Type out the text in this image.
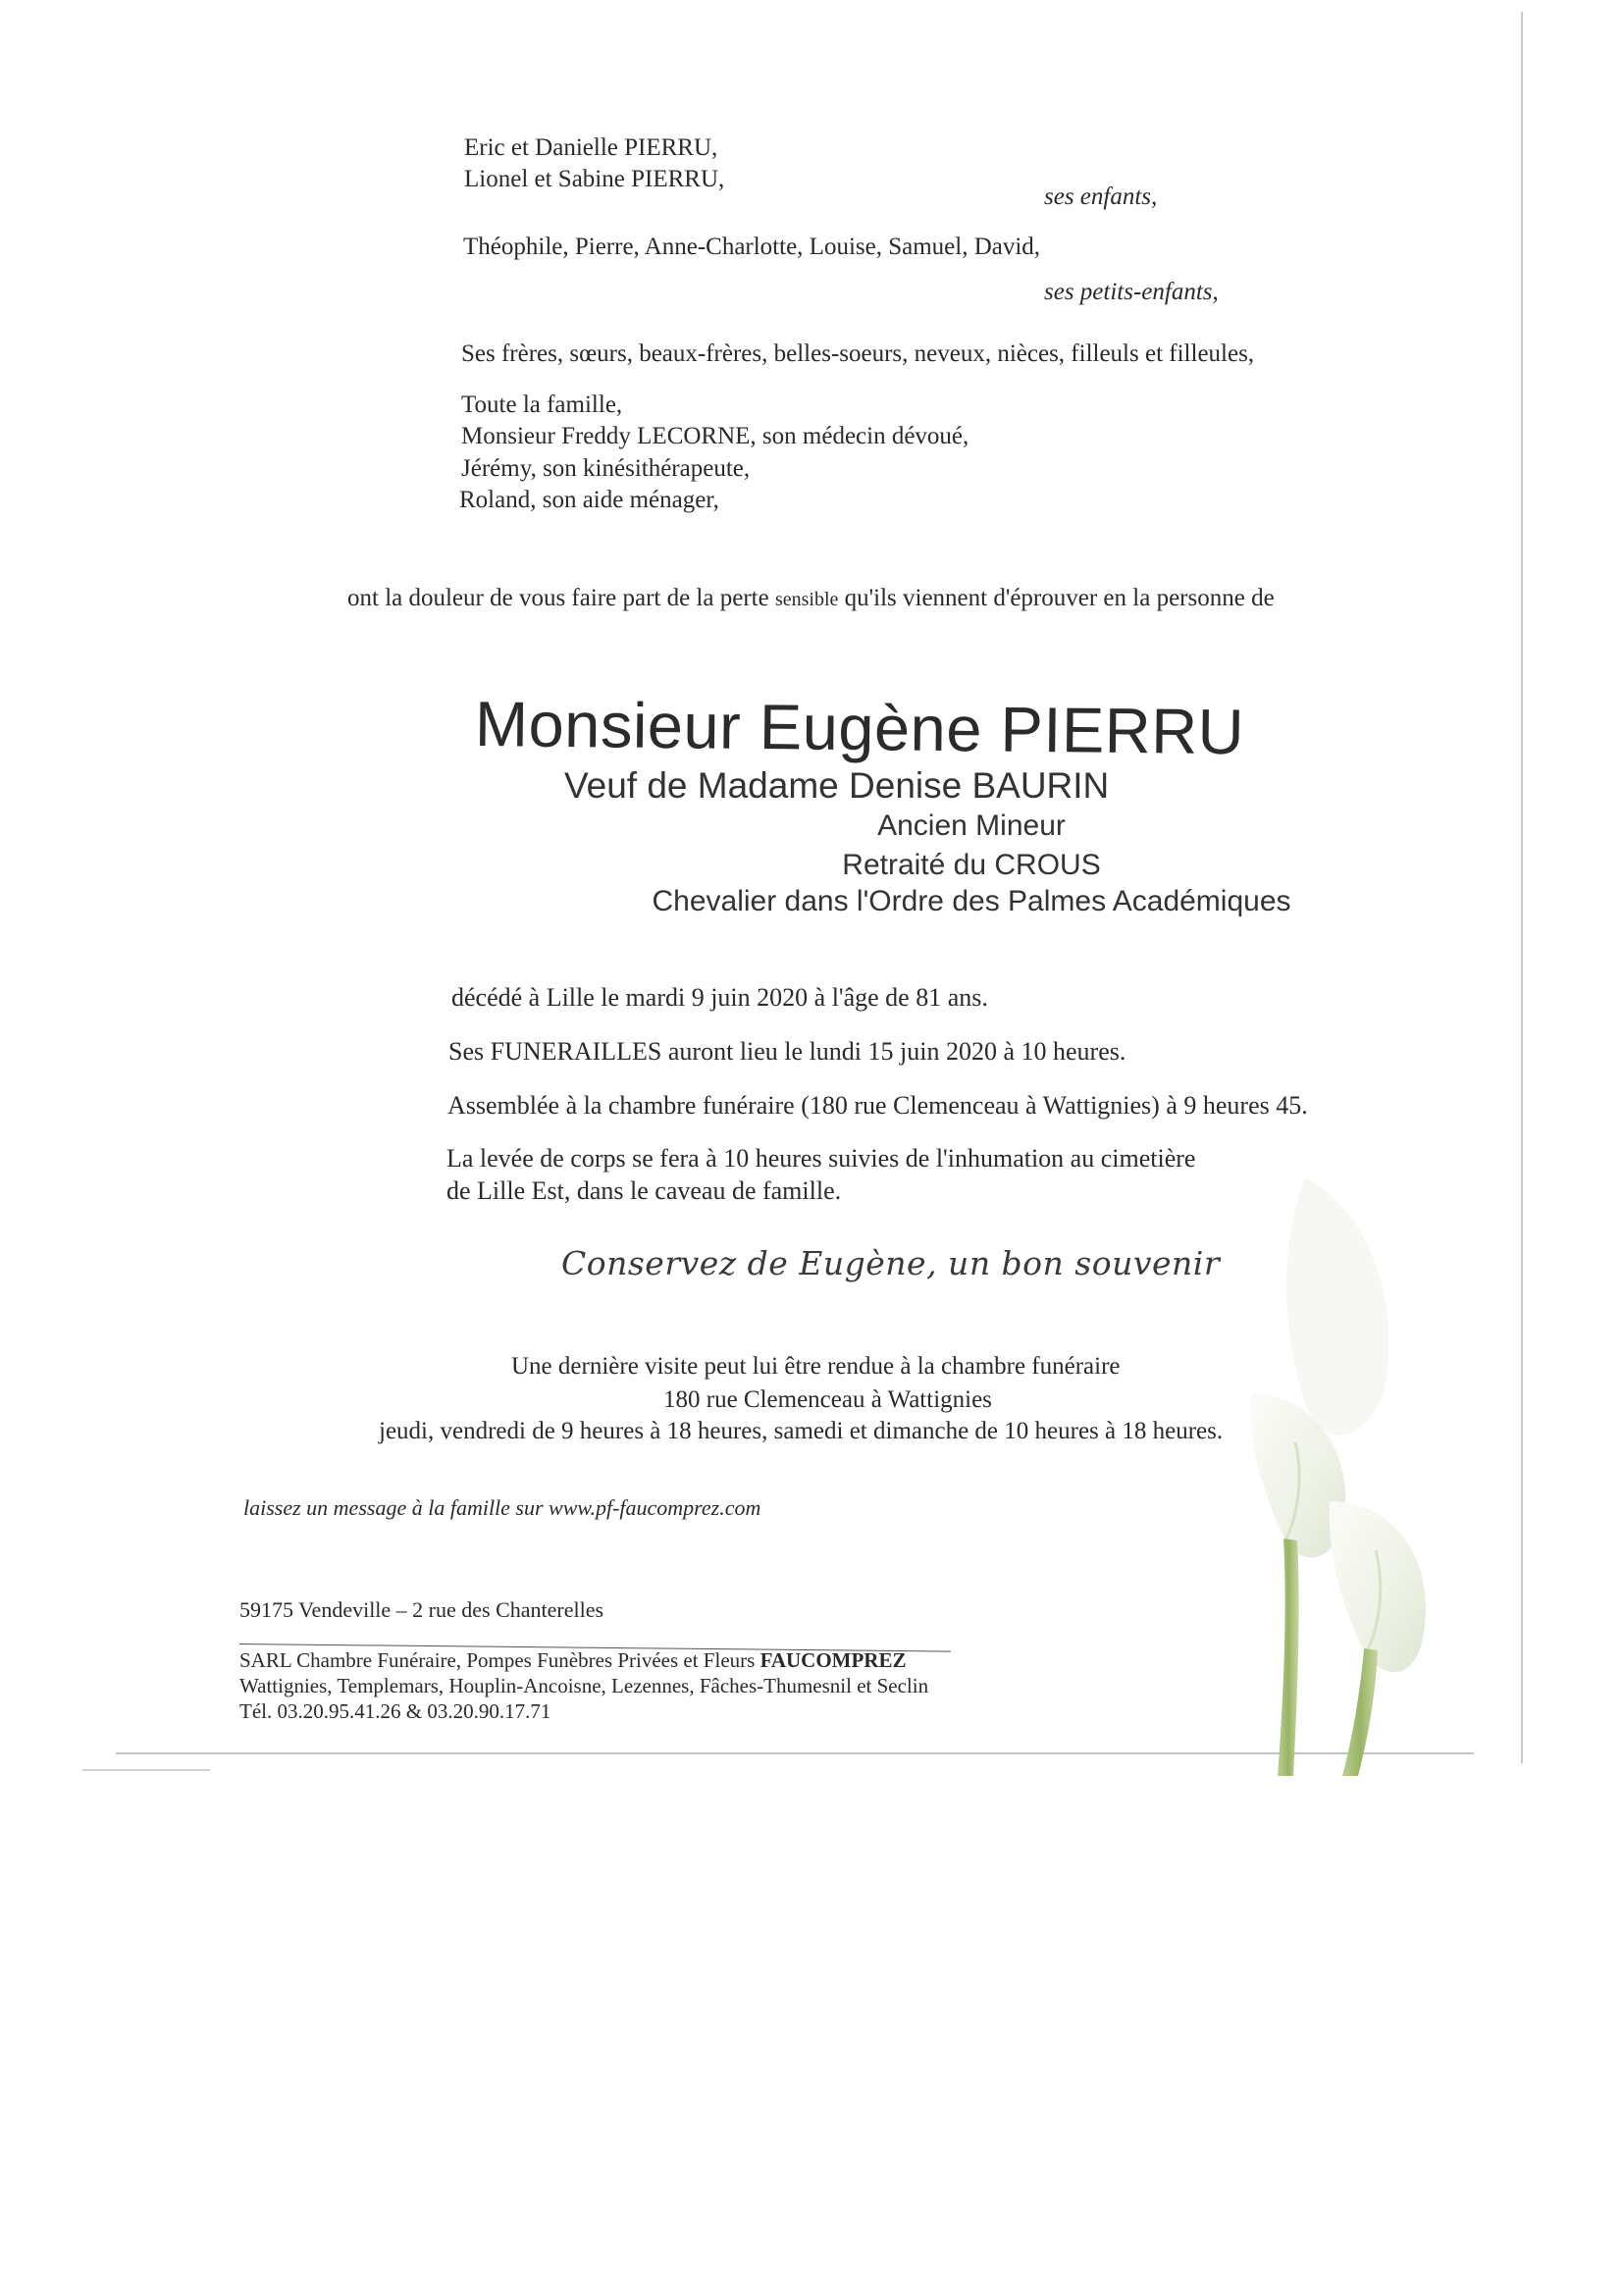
Eric et Danielle PIERRU,
Lionel et Sabine PIERRU,
ses enfants,
Théophile, Pierre, Anne-Charlotte, Louise, Samuel, David,
ses petits-enfants,
Ses frères, sœurs, beaux-frères, belles-soeurs, neveux, nièces, filleuls et filleules,
Toute la famille,
Monsieur Freddy LECORNE, son médecin dévoué,
Jérémy, son kinésithérapeute,
Roland, son aide ménager,
ont la douleur de vous faire part de la perte sensible qu'ils viennent d'éprouver en la personne de
Monsieur Eugène PIERRU
Veuf de Madame Denise BAURIN
Ancien Mineur
Retraité du CROUS
Chevalier dans l'Ordre des Palmes Académiques
décédé à Lille le mardi 9 juin 2020 à l'âge de 81 ans.
Ses FUNERAILLES auront lieu le lundi 15 juin 2020 à 10 heures.
Assemblée à la chambre funéraire (180 rue Clemenceau à Wattignies) à 9 heures 45.
La levée de corps se fera à 10 heures suivies de l'inhumation au cimetière
de Lille Est, dans le caveau de famille.
Conservez de Eugène, un bon souvenir
Une dernière visite peut lui être rendue à la chambre funéraire
180 rue Clemenceau à Wattignies
jeudi, vendredi de 9 heures à 18 heures, samedi et dimanche de 10 heures à 18 heures.
laissez un message à la famille sur www.pf-faucomprez.com
59175 Vendeville – 2 rue des Chanterelles
SARL Chambre Funéraire, Pompes Funèbres Privées et Fleurs FAUCOMPREZ
Wattignies, Templemars, Houplin-Ancoisne, Lezennes, Fâches-Thumesnil et Seclin
Tél. 03.20.95.41.26 & 03.20.90.17.71
